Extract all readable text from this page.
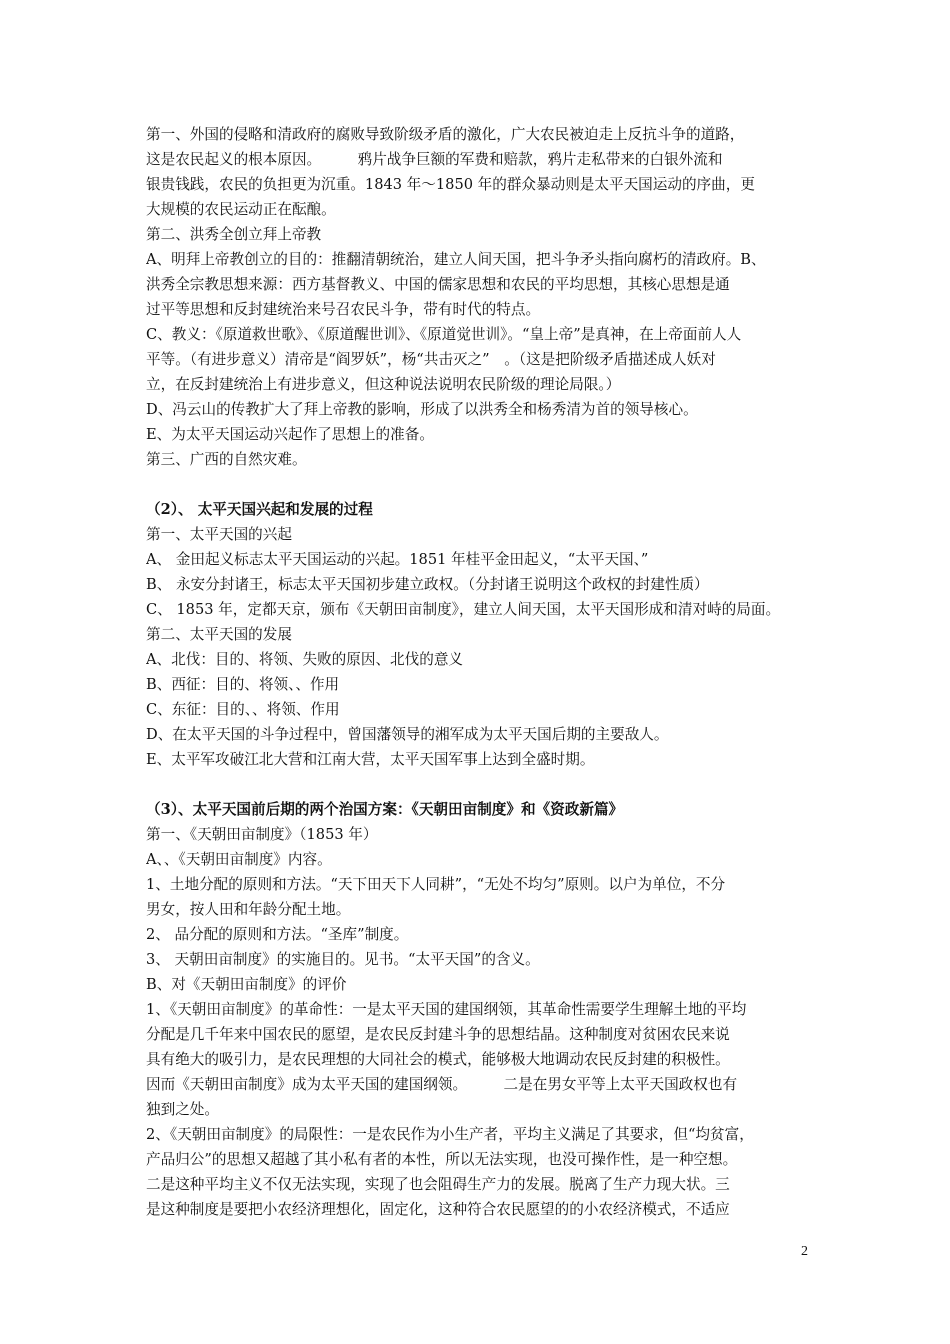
第一、外国的侵略和清政府的腐败导致阶级矛盾的激化，广大农民被迫走上反抗斗争的道路，
这是农民起义的根本原因。　　　鸦片战争巨额的军费和赔款，鸦片走私带来的白银外流和
银贵钱践，农民的负担更为沉重。1843 年～1850 年的群众暴动则是太平天国运动的序曲，更
大规模的农民运动正在酝酿。
第二、洪秀全创立拜上帝教
A、明拜上帝教创立的目的：推翻清朝统治，建立人间天国，把斗争矛头指向腐朽的清政府。B、
洪秀全宗教思想来源：西方基督教义、中国的儒家思想和农民的平均思想，其核心思想是通
过平等思想和反封建统治来号召农民斗争，带有时代的特点。
C、教义：《原道救世歌》、《原道醒世训》、《原道觉世训》。“皇上帝”是真神，在上帝面前人人
平等。（有进步意义）清帝是“阎罗妖”，杨“共击灭之”　。（这是把阶级矛盾描述成人妖对
立，在反封建统治上有进步意义，但这种说法说明农民阶级的理论局限。）
D、冯云山的传教扩大了拜上帝教的影响，形成了以洪秀全和杨秀清为首的领导核心。
E、为太平天国运动兴起作了思想上的准备。
第三、广西的自然灾难。
（2）、 太平天国兴起和发展的过程
第一、太平天国的兴起
A、 金田起义标志太平天国运动的兴起。1851 年桂平金田起义，“太平天国、”
B、 永安分封诸王，标志太平天国初步建立政权。（分封诸王说明这个政权的封建性质）
C、 1853 年，定都天京，颁布《天朝田亩制度》，建立人间天国，太平天国形成和清对峙的局面。
第二、太平天国的发展
A、北伐：目的、将领、失败的原因、北伐的意义
B、西征：目的、将领、、作用
C、东征：目的、、将领、作用
D、在太平天国的斗争过程中，曾国藩领导的湘军成为太平天国后期的主要敌人。
E、太平军攻破江北大营和江南大营，太平天国军事上达到全盛时期。
（3）、太平天国前后期的两个治国方案：《天朝田亩制度》和《资政新篇》
第一、《天朝田亩制度》（1853 年）
A、、《天朝田亩制度》内容。
1、土地分配的原则和方法。“天下田天下人同耕”，“无处不均匀”原则。以户为单位，不分
男女，按人田和年龄分配土地。
2、 品分配的原则和方法。“圣库”制度。
3、 天朝田亩制度》的实施目的。见书。“太平天国”的含义。
B、对《天朝田亩制度》的评价
1、《天朝田亩制度》的革命性：一是太平天国的建国纲领，其革命性需要学生理解土地的平均
分配是几千年来中国农民的愿望，是农民反封建斗争的思想结晶。这种制度对贫困农民来说
具有绝大的吸引力，是农民理想的大同社会的模式，能够极大地调动农民反封建的积极性。
因而《天朝田亩制度》成为太平天国的建国纲领。　　　二是在男女平等上太平天国政权也有
独到之处。
2、《天朝田亩制度》的局限性：一是农民作为小生产者，平均主义满足了其要求，但“均贫富，
产品归公”的思想又超越了其小私有者的本性，所以无法实现，也没可操作性，是一种空想。
二是这种平均主义不仅无法实现，实现了也会阻碍生产力的发展。脱离了生产力现大状。三
是这种制度是要把小农经济理想化，固定化，这种符合农民愿望的的小农经济模式，不适应
2
